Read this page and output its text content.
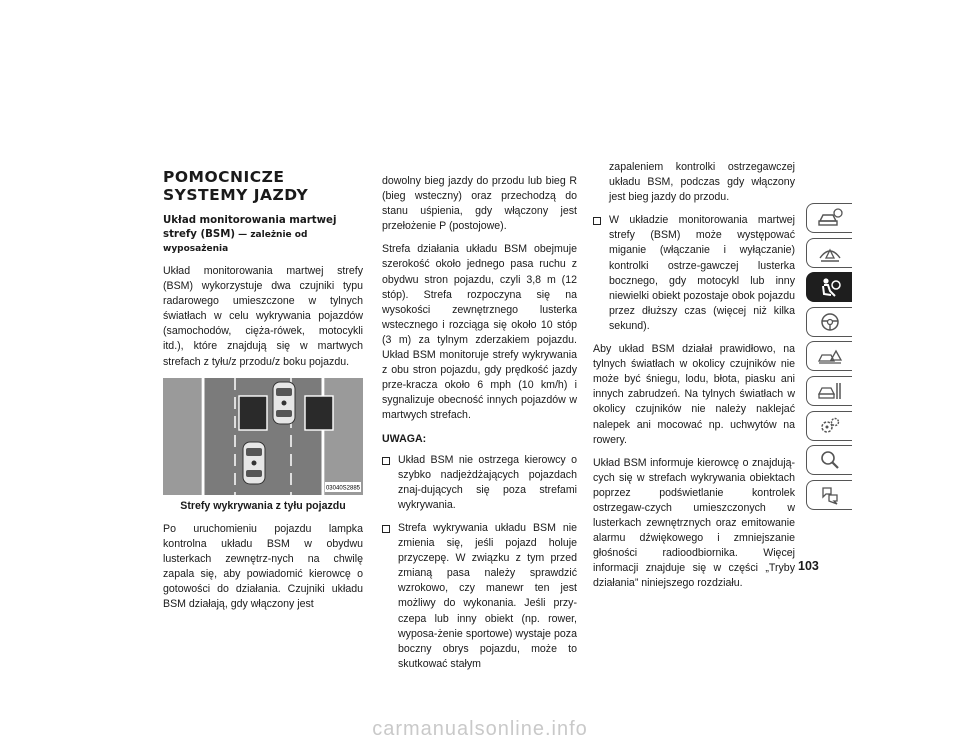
POMOCNICZE SYSTEMY JAZDY
Układ monitorowania martwej strefy (BSM) — zależnie od wyposażenia

Układ monitorowania martwej strefy (BSM) wykorzystuje dwa czujniki typu radarowego umieszczone w tylnych światłach w celu wykrywania pojazdów (samochodów, cięża-rówek, motocykli itd.), które znajdują się w martwych strefach z tyłu/z przodu/z boku pojazdu.

03040S2885
Strefy wykrywania z tyłu pojazdu

Po uruchomieniu pojazdu lampka kontrolna układu BSM w obydwu lusterkach zewnętrz-nych na chwilę zapala się, aby powiadomić kierowcę o gotowości do działania. Czujniki układu BSM działają, gdy włączony jest

dowolny bieg jazdy do przodu lub bieg R (bieg wsteczny) oraz przechodzą do stanu uśpienia, gdy włączony jest przełożenie P (postojowe).

Strefa działania układu BSM obejmuje szerokość około jednego pasa ruchu z obydwu stron pojazdu, czyli 3,8 m (12 stóp). Strefa rozpoczyna się na wysokości zewnętrznego lusterka wstecznego i rozciąga się około 10 stóp (3 m) za tylnym zderzakiem pojazdu. Układ BSM monitoruje strefy wykrywania z obu stron pojazdu, gdy prędkość jazdy prze-kracza około 6 mph (10 km/h) i sygnalizuje obecność innych pojazdów w martwych strefach.

UWAGA:
Układ BSM nie ostrzega kierowcy o szybko nadjeżdżających pojazdach znaj-dujących się poza strefami wykrywania.
Strefa wykrywania układu BSM nie zmienia się, jeśli pojazd holuje przyczepę. W związku z tym przed zmianą pasa należy sprawdzić wzrokowo, czy manewr ten jest możliwy do wykonania. Jeśli przy-czepa lub inny obiekt (np. rower, wyposa-żenie sportowe) wystaje poza boczny obrys pojazdu, może to skutkować stałym
zapaleniem kontrolki ostrzegawczej układu BSM, podczas gdy włączony jest bieg jazdy do przodu.
W układzie monitorowania martwej strefy (BSM) może występować miganie (włączanie i wyłączanie) kontrolki ostrze-gawczej lusterka bocznego, gdy motocykl lub inny niewielki obiekt pozostaje obok pojazdu przez dłuższy czas (więcej niż kilka sekund).

Aby układ BSM działał prawidłowo, na tylnych światłach w okolicy czujników nie może być śniegu, lodu, błota, piasku ani innych zabrudzeń. Na tylnych światłach w okolicy czujników nie należy naklejać nalepek ani mocować np. uchwytów na rowery.

Układ BSM informuje kierowcę o znajdują-cych się w strefach wykrywania obiektach poprzez podświetlanie kontrolek ostrzegaw-czych umieszczonych w lusterkach zewnętrznych oraz emitowanie alarmu dźwiękowego i zmniejszanie głośności radioodbiornika. Więcej informacji znajduje się w części „Tryby działania” niniejszego rozdziału.

103
carmanualsonline.info
